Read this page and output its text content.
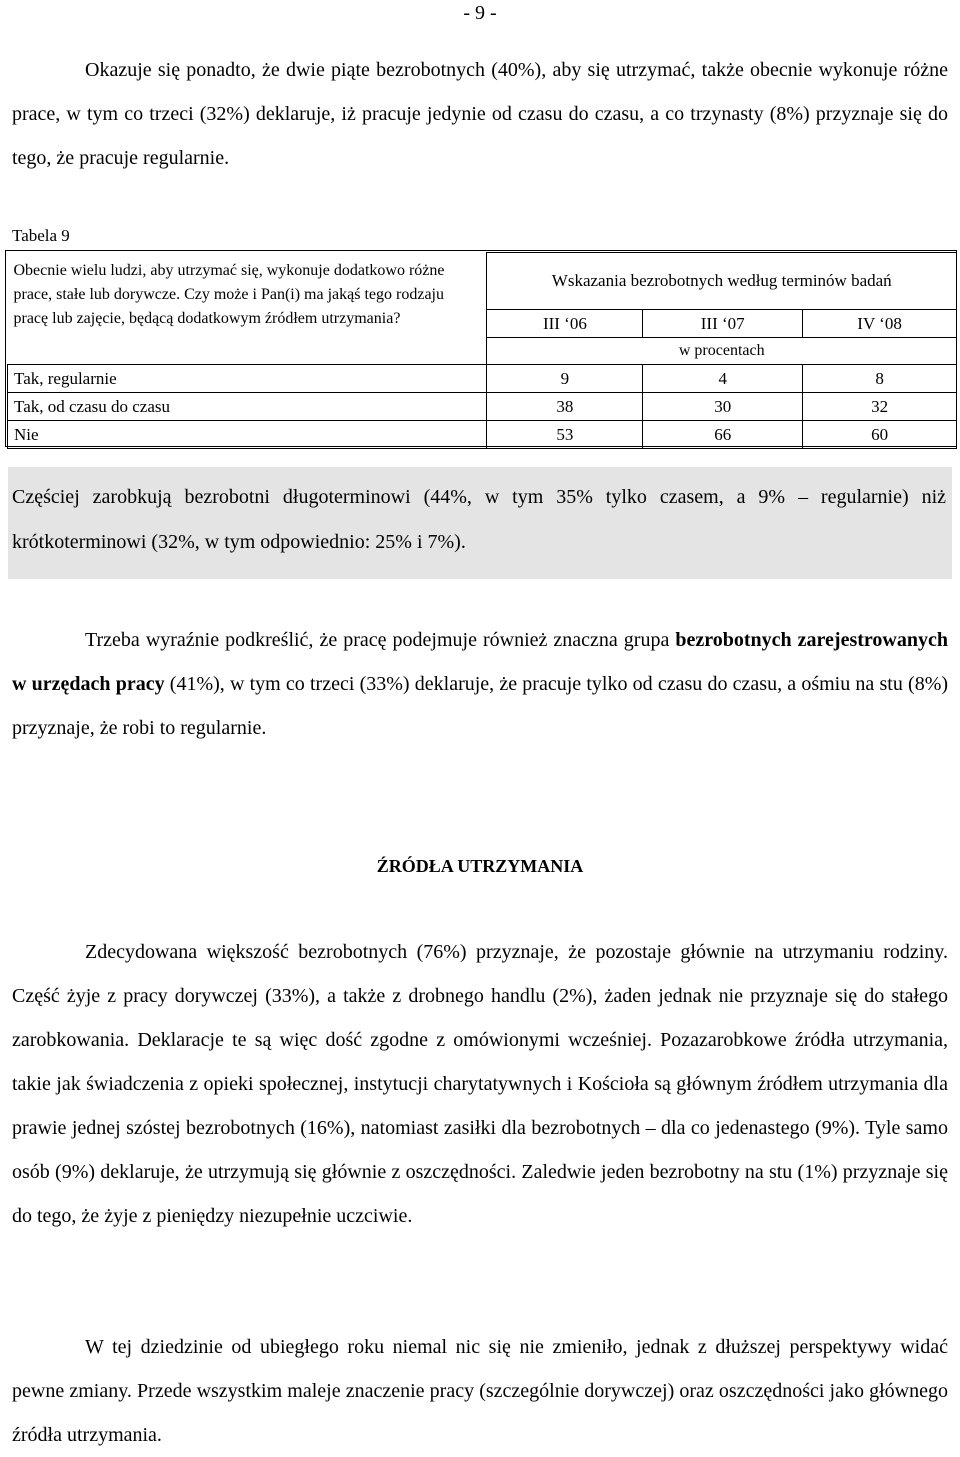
- 9 -

Okazuje się ponadto, że dwie piąte bezrobotnych (40%), aby się utrzymać, także obecnie wykonuje różne prace, w tym co trzeci (32%) deklaruje, iż pracuje jedynie od czasu do czasu, a co trzynasty (8%) przyznaje się do tego, że pracuje regularnie.

Tabela 9
Obecnie wielu ludzi, aby utrzymać się, wykonuje dodatkowo różne prace, stałe lub dorywcze. Czy może i Pan(i) ma jakąś tego rodzaju pracę lub zajęcie, będącą dodatkowym źródłem utrzymania?	Wskazania bezrobotnych według terminów badań		
	III ‘06	III ‘07	IV ‘08
	w procentach		
Tak, regularnie	9	4	8
Tak, od czasu do czasu	38	30	32
Nie	53	66	60

Częściej zarobkują bezrobotni długoterminowi (44%, w tym 35% tylko czasem, a 9% – regularnie) niż krótkoterminowi (32%, w tym odpowiednio: 25% i 7%).

Trzeba wyraźnie podkreślić, że pracę podejmuje również znaczna grupa bezrobotnych zarejestrowanych w urzędach pracy (41%), w tym co trzeci (33%) deklaruje, że pracuje tylko od czasu do czasu, a ośmiu na stu (8%) przyznaje, że robi to regularnie.

ŹRÓDŁA UTRZYMANIA

Zdecydowana większość bezrobotnych (76%) przyznaje, że pozostaje głównie na utrzymaniu rodziny. Część żyje z pracy dorywczej (33%), a także z drobnego handlu (2%), żaden jednak nie przyznaje się do stałego zarobkowania. Deklaracje te są więc dość zgodne z omówionymi wcześniej. Pozazarobkowe źródła utrzymania, takie jak świadczenia z opieki społecznej, instytucji charytatywnych i Kościoła są głównym źródłem utrzymania dla prawie jednej szóstej bezrobotnych (16%), natomiast zasiłki dla bezrobotnych – dla co jedenastego (9%). Tyle samo osób (9%) deklaruje, że utrzymują się głównie z oszczędności. Zaledwie jeden bezrobotny na stu (1%) przyznaje się do tego, że żyje z pieniędzy niezupełnie uczciwie.

W tej dziedzinie od ubiegłego roku niemal nic się nie zmieniło, jednak z dłuższej perspektywy widać pewne zmiany. Przede wszystkim maleje znaczenie pracy (szczególnie dorywczej) oraz oszczędności jako głównego źródła utrzymania.
